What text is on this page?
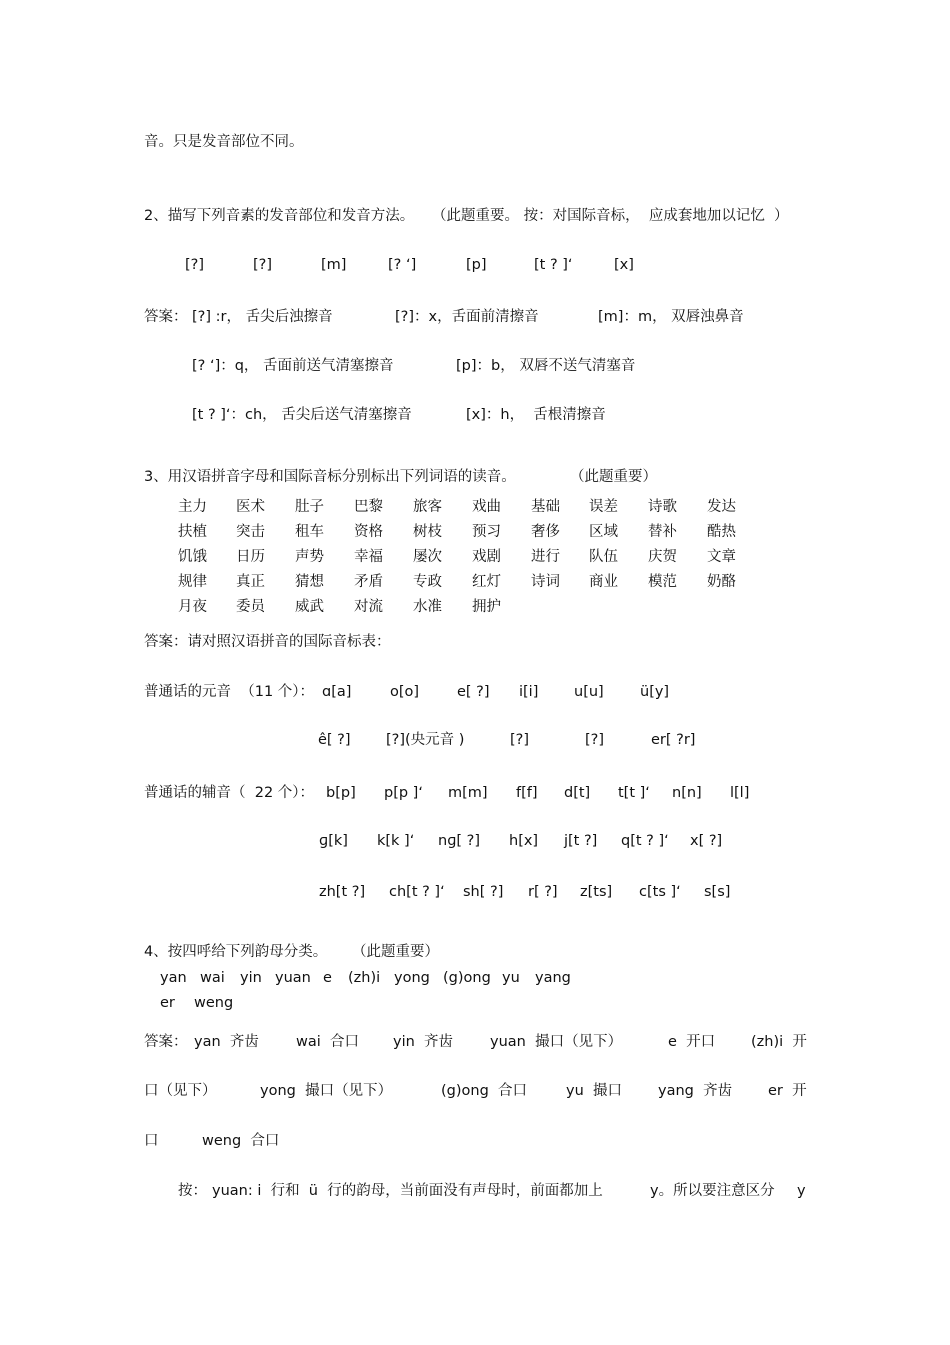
音。只是发音部位不同。
2、描写下列音素的发音部位和发音方法。 （此题重要。 按：对国际音标，  应成套地加以记忆  ）
[?]	[?]	[m]	[? ʻ]	[p]	[t ? ]ʻ	[x]
答案： [?] :r， 舌尖后浊擦音	[?]：x，舌面前清擦音	[m]：m， 双唇浊鼻音
[? ʻ]：q， 舌面前送气清塞擦音	[p]：b， 双唇不送气清塞音
[t ? ]ʻ：ch， 舌尖后送气清塞擦音	[x]：h，  舌根清擦音
3、用汉语拼音字母和国际音标分别标出下列词语的读音。	（此题重要）
主力 医术 肚子 巴黎 旅客 戏曲 基础 误差 诗歌 发达
扶植 突击 租车 资格 树枝 预习 奢侈 区域 替补 酷热
饥饿 日历 声势 幸福 屡次 戏剧 进行 队伍 庆贺 文章
规律 真正 猜想 矛盾 专政 红灯 诗词 商业 模范 奶酪
月夜 委员 威武 对流 水准 拥护
答案：请对照汉语拼音的国际音标表：
普通话的元音  （11 个）： ɑ[a]	o[o]	e[ ?] i[i] u[u]	ü[y]
ê[ ?] [?](央元音 )	[?]	[?]	er[ ?r]
普通话的辅音（  22 个）： b[p] p[p ]ʻ m[m] f[f] d[t] t[t ]ʻ n[n] l[l]
ɡ[k] k[k ]ʻ nɡ[ ?] h[x] j[t ?] q[t ? ]ʻ x[ ?]
zh[t ?] ch[t ? ]ʻ sh[ ?] r[ ?] z[ts] c[ts ]ʻ s[s]
4、按四呼给下列韵母分类。 （此题重要）
yan wai yin yuan e (zh)i yong (g)ong yu yang
er weng
答案： yan  齐齿	wai  合口 yin  齐齿	yuan  撮口（见下）	e  开口 (zh)i  开
口（见下）	yong  撮口（见下）	(g)ong  合口	yu  撮口 yang  齐齿 er  开
口	weng  合口
按： yuan: i  行和  ü  行的韵母，当前面没有声母时，前面都加上	y。所以要注意区分 y
